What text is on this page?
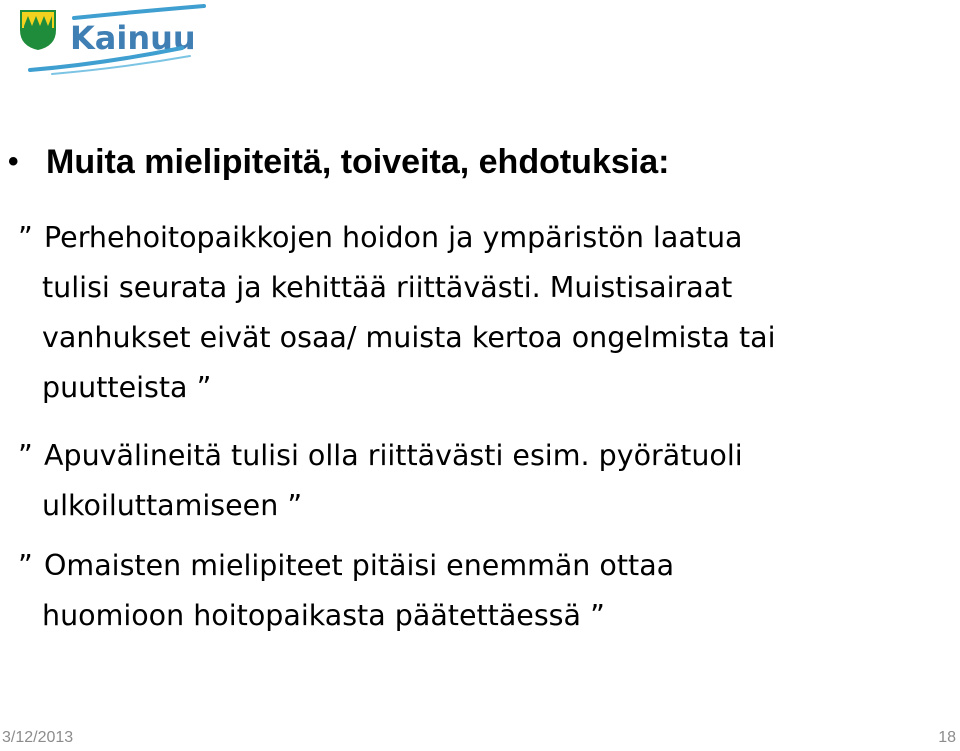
Kainuu
• Muita mielipiteitä, toiveita, ehdotuksia:
” Perhehoitopaikkojen hoidon ja ympäristön laatua
tulisi seurata ja kehittää riittävästi. Muistisairaat
vanhukset eivät osaa/ muista kertoa ongelmista tai
puutteista ”
” Apuvälineitä tulisi olla riittävästi esim. pyörätuoli
ulkoiluttamiseen ”
” Omaisten mielipiteet pitäisi enemmän ottaa
huomioon hoitopaikasta päätettäessä ”
3/12/2013	18
